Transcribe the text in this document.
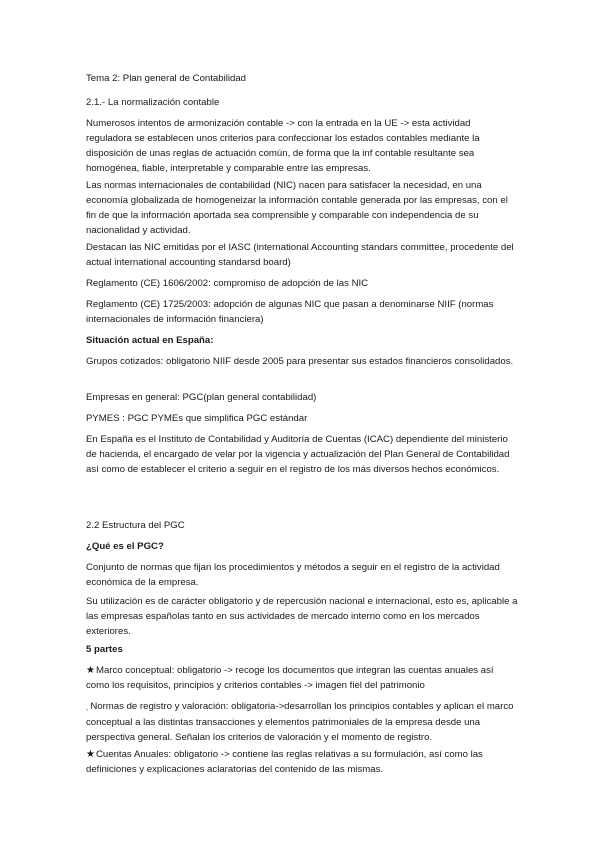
Tema 2: Plan general de Contabilidad

2.1.- La normalización contable

Numerosos intentos de armonización contable -> con la entrada en la UE -> esta actividad reguladora se establecen unos criterios para confeccionar los estados contables mediante la disposición de unas reglas de actuación común, de forma que la inf contable resultante sea homogénea, fiable, interpretable y comparable entre las empresas.

Las normas internacionales de contabilidad (NIC) nacen para satisfacer la necesidad, en una economía globalizada de homogeneizar la información contable generada por las empresas, con el fin de que la información aportada sea comprensible y comparable con independencia de su nacionalidad y actividad.

Destacan las NIC emitidas por el IASC (international Accounting standars committee, procedente del actual international accounting standarsd board)

Reglamento (CE) 1606/2002: compromiso de adopción de las NIC

Reglamento (CE) 1725/2003: adopción de algunas NIC que pasan a denominarse NIIF (normas internacionales de información financiera)

Situación actual en España:

Grupos cotizados: obligatorio NIIF desde 2005 para presentar sus estados financieros consolidados.

Empresas en general: PGC(plan general contabilidad)

PYMES : PGC PYMEs que simplifica PGC estándar

En España es el Instituto de Contabilidad y Auditoría de Cuentas (ICAC) dependiente del ministerio de hacienda, el encargado de velar por la vigencia y actualización del Plan General de Contabilidad así como de establecer el criterio a seguir en el registro de los más diversos hechos económicos.

2.2 Estructura del PGC

¿Qué es el PGC?

Conjunto de normas que fijan los procedimientos y métodos a seguir en el registro de la actividad económica de la empresa.

Su utilización es de carácter obligatorio y de repercusión nacional e internacional, esto es, aplicable a las empresas españolas tanto en sus actividades de mercado interno como en los mercados exteriores.

5 partes

★Marco conceptual: obligatorio -> recoge los documentos que integran las cuentas anuales así como los requisitos, principios y criterios contables -> imagen fiel del patrimonio

˳ Normas de registro y valoración: obligatoria->desarrollan los principios contables y aplican el marco conceptual a las distintas transacciones y elementos patrimoniales de la empresa desde una perspectiva general. Señalan los criterios de valoración y el momento de registro.

★Cuentas Anuales: obligatorio -> contiene las reglas relativas a su formulación, así como las definiciones y explicaciones aclaratorias del contenido de las mismas.
